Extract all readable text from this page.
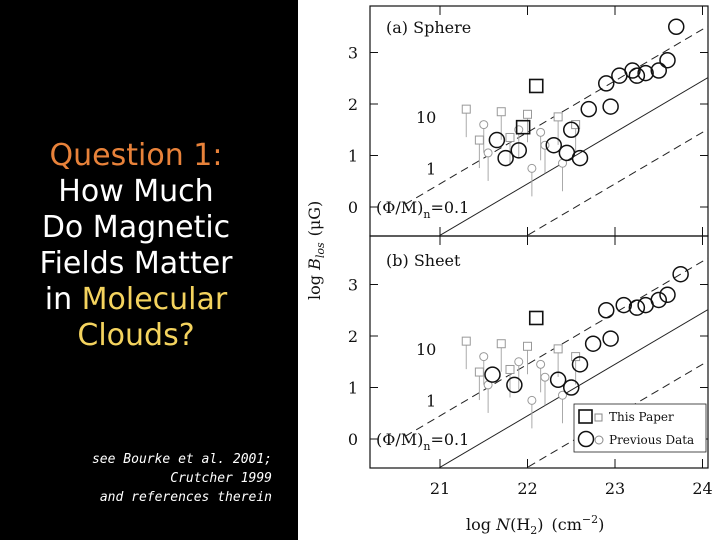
Question 1:
How Much
Do Magnetic
Fields Matter
in Molecular
Clouds?
see Bourke et al. 2001;
Crutcher 1999
and references therein
0
1
2
3
10
1
$(\Phi/M)_n=0.1$
0
1
2
3
21	22	23	24
10
1
$(\Phi/M)_n=0.1$
(a) Sphere
(b) Sheet
This Paper
Previous Data
$\log B_{los}(\mu G)$
$\log N(H_2)$ $(cm^{-2})$
